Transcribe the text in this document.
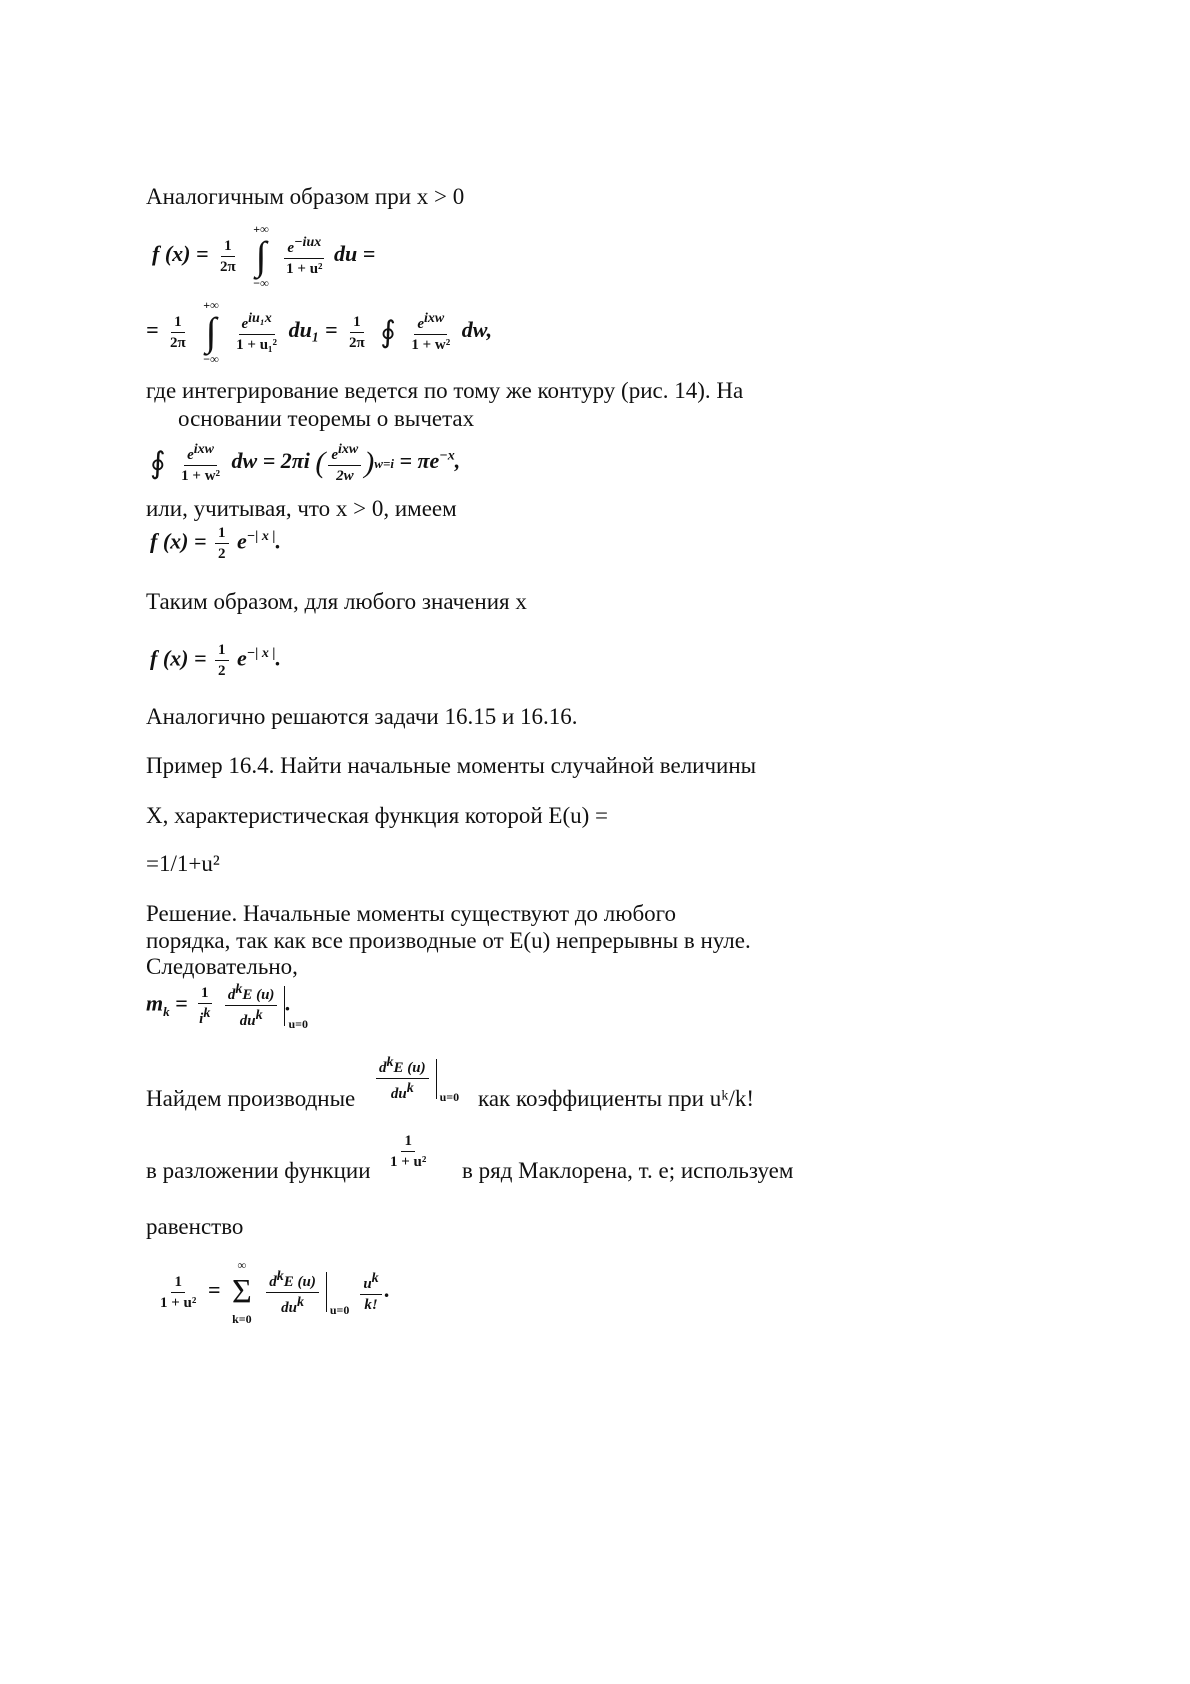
Аналогичным образом при x > 0
f $(x) = \frac{1}{2\pi}$

+∞
∫
−∞

$\frac{e^{-iux}}{\text{1 + u²}}$ du =
= $\frac{1}{2\pi}$

+∞
∫
−∞

$\frac{e^{iu_1x}}{\text{1 + u₁²}} du_1 = \frac{1}{2\pi}$ ∮ $\frac{e^{ixw}}{\text{1 + w²}}$ dw,
где интегрирование ведется по тому же контуру (рис. 14). На
основании теоремы о вычетах
∮ $\frac{e^{ixw}}{\text{1 + w²}}$ dw = 2πi ( $\frac{e^{ixw}}{2w} )w=i = \pi e^{-x}$,
или, учитывая, что x > 0, имеем
f $(x) = \frac{1}{2} e^{-| x |}$.
Таким образом, для любого значения x
f $(x) = \frac{1}{2} e^{-| x |}$.
Аналогично решаются задачи 16.15 и 16.16.
Пример 16.4. Найти начальные моменты случайной величины
X, характеристическая функция которой E(u) =
=1/1+u²
Решение. Начальные моменты существуют до любого
порядка, так как все производные от E(u) непрерывны в нуле.
Следовательно,
$m_k = \frac{1}{i^k}$
$\frac{d^kE (u)}{du^k} u=0$
.
Найдем производные $\frac{d^kE (u)}{du^k} u=0$ как коэффициенты при uᵏ/k!
в разложении функции $\frac{1}{\text{1 + u²}}$ в ряд Маклорена, т. е; используем
равенство
$\frac{1}{\text{1 + u²}}$ =
∞
Σ
k=0

$\frac{d^kE (u)}{du^k} u=0$
$\frac{u^k}{k!}$ .
